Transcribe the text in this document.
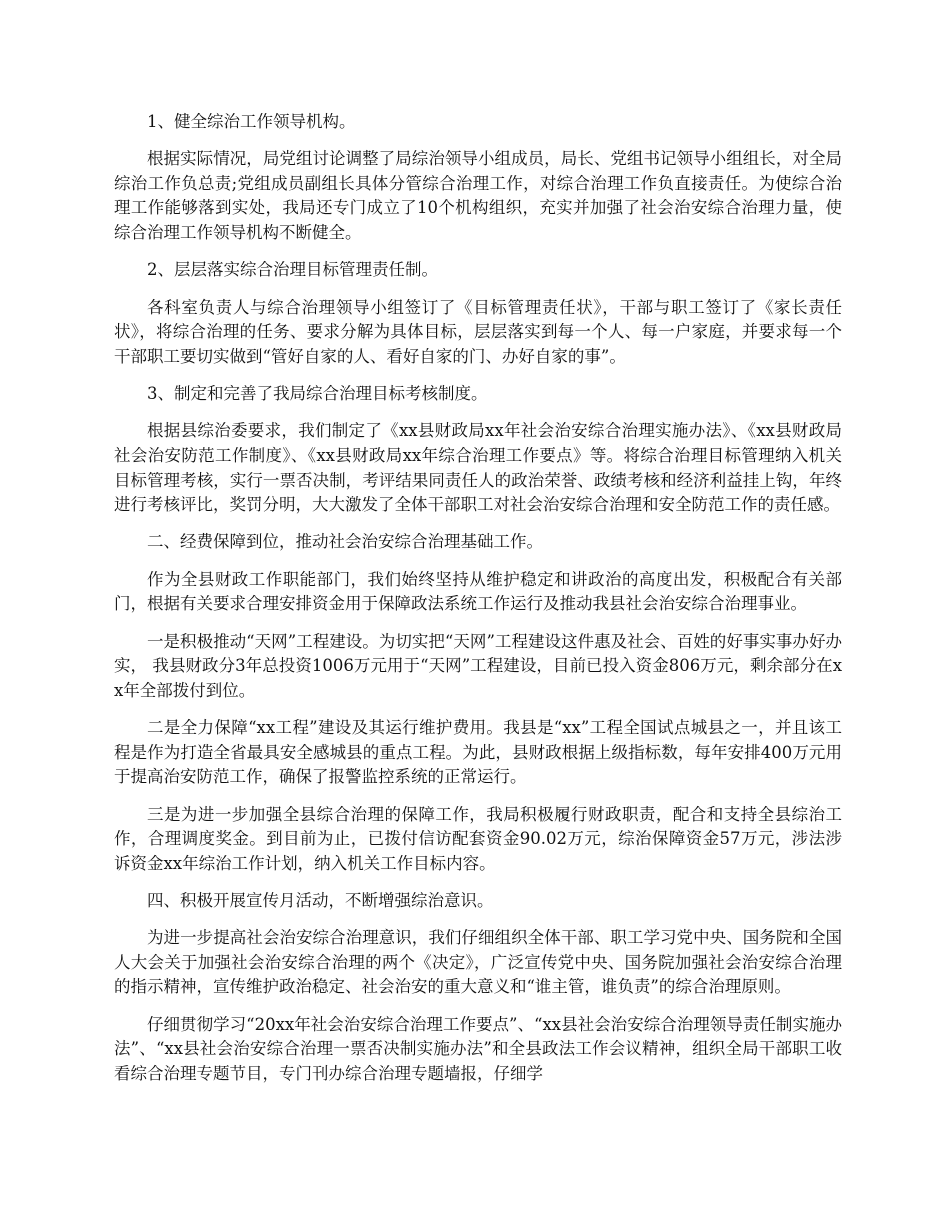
1、健全综治工作领导机构。

根据实际情况，局党组讨论调整了局综治领导小组成员，局长、党组书记领导小组组长，对全局综治工作负总责;党组成员副组长具体分管综合治理工作，对综合治理工作负直接责任。为使综合治理工作能够落到实处，我局还专门成立了10个机构组织，充实并加强了社会治安综合治理力量，使综合治理工作领导机构不断健全。

2、层层落实综合治理目标管理责任制。

各科室负责人与综合治理领导小组签订了《目标管理责任状》，干部与职工签订了《家长责任状》，将综合治理的任务、要求分解为具体目标，层层落实到每一个人、每一户家庭，并要求每一个干部职工要切实做到“管好自家的人、看好自家的门、办好自家的事”。

3、制定和完善了我局综合治理目标考核制度。

根据县综治委要求，我们制定了《xx县财政局xx年社会治安综合治理实施办法》、《xx县财政局社会治安防范工作制度》、《xx县财政局xx年综合治理工作要点》等。将综合治理目标管理纳入机关目标管理考核，实行一票否决制，考评结果同责任人的政治荣誉、政绩考核和经济利益挂上钩，年终进行考核评比，奖罚分明，大大激发了全体干部职工对社会治安综合治理和安全防范工作的责任感。

二、经费保障到位，推动社会治安综合治理基础工作。

作为全县财政工作职能部门，我们始终坚持从维护稳定和讲政治的高度出发，积极配合有关部门，根据有关要求合理安排资金用于保障政法系统工作运行及推动我县社会治安综合治理事业。

一是积极推动“天网”工程建设。为切实把“天网”工程建设这件惠及社会、百姓的好事实事办好办实， 我县财政分3年总投资1006万元用于“天网”工程建设，目前已投入资金806万元，剩余部分在xx年全部拨付到位。

二是全力保障“xx工程”建设及其运行维护费用。我县是“xx”工程全国试点城县之一，并且该工程是作为打造全省最具安全感城县的重点工程。为此，县财政根据上级指标数，每年安排400万元用于提高治安防范工作，确保了报警监控系统的正常运行。

三是为进一步加强全县综合治理的保障工作，我局积极履行财政职责，配合和支持全县综治工作，合理调度奖金。到目前为止，已拨付信访配套资金90.02万元，综治保障资金57万元，涉法涉诉资金xx年综治工作计划，纳入机关工作目标内容。

四、积极开展宣传月活动，不断增强综治意识。

为进一步提高社会治安综合治理意识，我们仔细组织全体干部、职工学习党中央、国务院和全国人大会关于加强社会治安综合治理的两个《决定》，广泛宣传党中央、国务院加强社会治安综合治理的指示精神，宣传维护政治稳定、社会治安的重大意义和“谁主管，谁负责”的综合治理原则。

仔细贯彻学习“20xx年社会治安综合治理工作要点”、“xx县社会治安综合治理领导责任制实施办法”、“xx县社会治安综合治理一票否决制实施办法”和全县政法工作会议精神，组织全局干部职工收看综合治理专题节目，专门刊办综合治理专题墙报，仔细学
